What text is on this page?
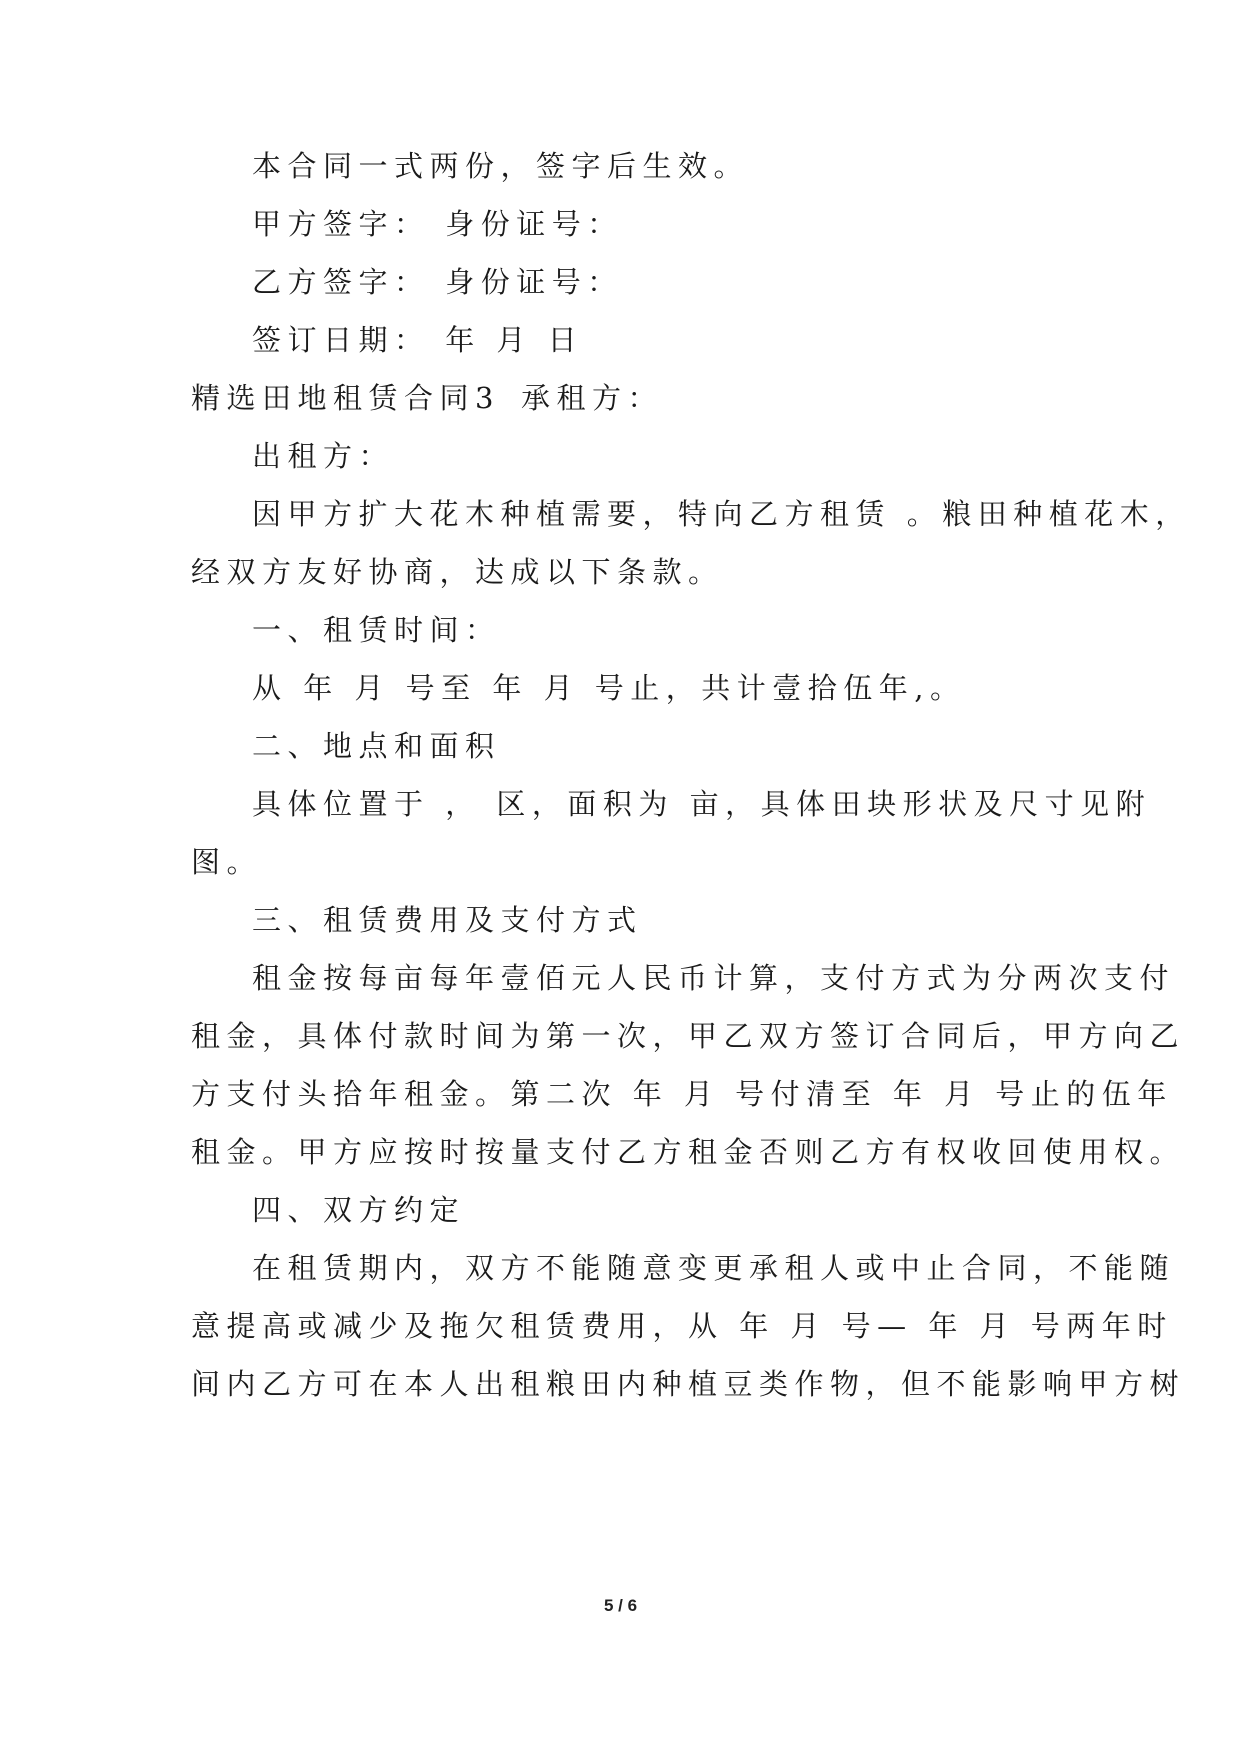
本合同一式两份，签字后生效。
甲方签字： 身份证号：
乙方签字： 身份证号：
签订日期： 年 月 日
精选田地租赁合同3 承租方：
出租方：
因甲方扩大花木种植需要，特向乙方租赁 。粮田种植花木，
经双方友好协商，达成以下条款。
一、租赁时间：
从 年 月 号至 年 月 号止，共计壹拾伍年,。
二、地点和面积
具体位置于 ， 区，面积为 亩，具体田块形状及尺寸见附
图。
三、租赁费用及支付方式
租金按每亩每年壹佰元人民币计算，支付方式为分两次支付
租金，具体付款时间为第一次，甲乙双方签订合同后，甲方向乙
方支付头拾年租金。第二次 年 月 号付清至 年 月 号止的伍年
租金。甲方应按时按量支付乙方租金否则乙方有权收回使用权。
四、双方约定
在租赁期内，双方不能随意变更承租人或中止合同，不能随
意提高或减少及拖欠租赁费用，从 年 月 号— 年 月 号两年时
间内乙方可在本人出租粮田内种植豆类作物，但不能影响甲方树
5 / 6
